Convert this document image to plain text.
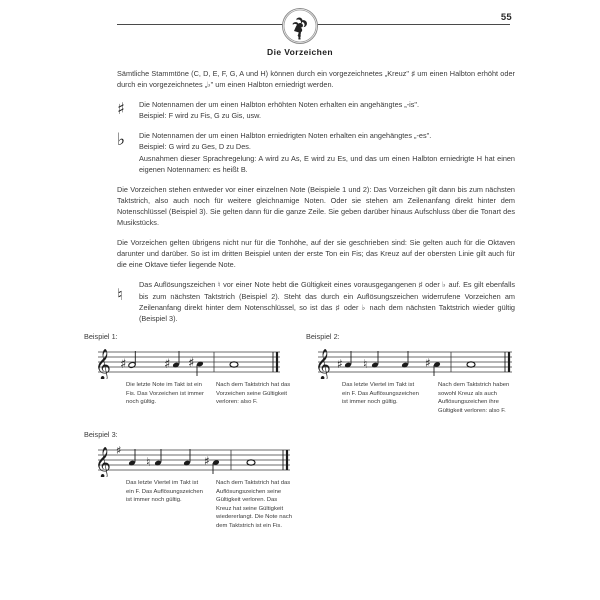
55
Die Vorzeichen

Sämtliche Stammtöne (C, D, E, F, G, A und H) können durch ein vorgezeichnetes „Kreuz" ♯ um einen Halbton erhöht oder durch ein vorgezeichnetes „♭" um einen Halbton erniedrigt werden.

♯ Die Notennamen der um einen Halbton erhöhten Noten erhalten ein angehängtes „-is".

Beispiel: F wird zu Fis, G zu Gis, usw.

♭ Die Notennamen der um einen Halbton erniedrigten Noten erhalten ein angehängtes „-es".

Beispiel: G wird zu Ges, D zu Des.

Ausnahmen dieser Sprachregelung: A wird zu As, E wird zu Es, und das um einen Halbton erniedrigte H hat einen eigenen Notennamen: es heißt B.

Die Vorzeichen stehen entweder vor einer einzelnen Note (Beispiele 1 und 2): Das Vorzeichen gilt dann bis zum nächsten Taktstrich, also auch noch für weitere gleichnamige Noten. Oder sie stehen am Zeilenanfang direkt hinter dem Notenschlüssel (Beispiel 3). Sie gelten dann für die ganze Zeile. Sie geben darüber hinaus Aufschluss über die Tonart des Musikstücks.

Die Vorzeichen gelten übrigens nicht nur für die Tonhöhe, auf der sie geschrieben sind: Sie gelten auch für die Oktaven darunter und darüber. So ist im dritten Beispiel unten der erste Ton ein Fis; das Kreuz auf der obersten Linie gilt auch für die eine Oktave tiefer liegende Note.

♮

Das Auflösungszeichen ♮ vor einer Note hebt die Gültigkeit eines vorausgegangenen ♯ oder ♭ auf. Es gilt ebenfalls bis zum nächsten Taktstrich (Beispiel 2). Steht das durch ein Auflösungszeichen widerrufene Vorzeichen am Zeilenanfang direkt hinter dem Notenschlüssel, so ist das ♯ oder ♭ nach dem nächsten Taktstrich wieder gültig (Beispiel 3).

Beispiel 1:
𝄞 ♯	♯ ♯
Die letzte Note im Takt ist ein Fis. Das Vorzeichen ist immer noch gültig.
Nach dem Taktstrich hat das Vorzeichen seine Gültigkeit verloren: also F.
Beispiel 2:
𝄞 ♯ ♮	♯
Das letzte Viertel im Takt ist ein F. Das Auflösungszeichen ist immer noch gültig.
Nach dem Taktstrich haben sowohl Kreuz als auch Auflösungszeichen ihre Gültigkeit verloren: also F.
Beispiel 3:
𝄞 ♯
♮	♯
Das letzte Viertel im Takt ist ein F. Das Auflösungszeichen ist immer noch gültig.
Nach dem Taktstrich hat das Auflösungszeichen seine Gültigkeit verloren. Das Kreuz hat seine Gültigkeit wiedererlangt. Die Note nach dem Taktstrich ist ein Fis.
